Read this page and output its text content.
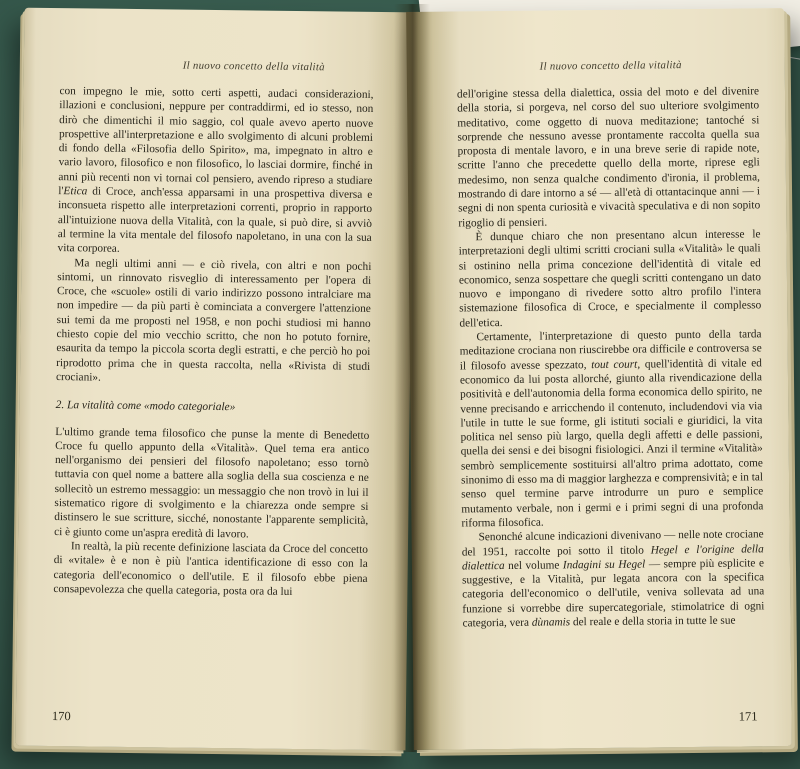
Il nuovo concetto della vitalità

con impegno le mie, sotto certi aspetti, audaci considerazioni, illazioni e conclusioni, neppure per contraddirmi, ed io stesso, non dirò che dimentichi il mio saggio, col quale avevo aperto nuove prospettive all'interpretazione e allo svolgimento di alcuni problemi di fondo della «Filosofia dello Spirito», ma, impegnato in altro e vario lavoro, filosofico e non filosofico, lo lasciai dormire, finché in anni più recenti non vi tornai col pensiero, avendo ripreso a studiare l'Etica di Croce, anch'essa apparsami in una prospettiva diversa e inconsueta rispetto alle interpretazioni correnti, proprio in rapporto all'intuizione nuova della Vitalità, con la quale, si può dire, si avviò al termine la vita mentale del filosofo napoletano, in una con la sua vita corporea.

Ma negli ultimi anni — e ciò rivela, con altri e non pochi sintomi, un rinnovato risveglio di interessamento per l'opera di Croce, che «scuole» ostili di vario indirizzo possono intralciare ma non impedire — da più parti è cominciata a convergere l'attenzione sui temi da me proposti nel 1958, e non pochi studiosi mi hanno chiesto copie del mio vecchio scritto, che non ho potuto fornire, esaurita da tempo la piccola scorta degli estratti, e che perciò ho poi riprodotto prima che in questa raccolta, nella «Rivista di studi crociani».

2. La vitalità come «modo categoriale»

L'ultimo grande tema filosofico che punse la mente di Benedetto Croce fu quello appunto della «Vitalità». Quel tema era antico nell'organismo dei pensieri del filosofo napoletano; esso tornò tuttavia con quel nome a battere alla soglia della sua coscienza e ne sollecitò un estremo messaggio: un messaggio che non trovò in lui il sistematico rigore di svolgimento e la chiarezza onde sempre si distinsero le sue scritture, sicché, nonostante l'apparente semplicità, ci è giunto come un'aspra eredità di lavoro.

In realtà, la più recente definizione lasciata da Croce del concetto di «vitale» è e non è più l'antica identificazione di esso con la categoria dell'economico o dell'utile. E il filosofo ebbe piena consapevolezza che quella categoria, posta ora da lui

170
Il nuovo concetto della vitalità

dell'origine stessa della dialettica, ossia del moto e del divenire della storia, si porgeva, nel corso del suo ulteriore svolgimento meditativo, come oggetto di nuova meditazione; tantoché si sorprende che nessuno avesse prontamente raccolta quella sua proposta di mentale lavoro, e in una breve serie di rapide note, scritte l'anno che precedette quello della morte, riprese egli medesimo, non senza qualche condimento d'ironia, il problema, mostrando di dare intorno a sé — all'età di ottantacinque anni — i segni di non spenta curiosità e vivacità speculativa e di non sopito rigoglio di pensieri.

È dunque chiaro che non presentano alcun interesse le interpretazioni degli ultimi scritti crociani sulla «Vitalità» le quali si ostinino nella prima concezione dell'identità di vitale ed economico, senza sospettare che quegli scritti contengano un dato nuovo e impongano di rivedere sotto altro profilo l'intera sistemazione filosofica di Croce, e specialmente il complesso dell'etica.

Certamente, l'interpretazione di questo punto della tarda meditazione crociana non riuscirebbe ora difficile e controversa se il filosofo avesse spezzato, tout court, quell'identità di vitale ed economico da lui posta allorché, giunto alla rivendicazione della positività e dell'autonomia della forma economica dello spirito, ne venne precisando e arricchendo il contenuto, includendovi via via l'utile in tutte le sue forme, gli istituti sociali e giuridici, la vita politica nel senso più largo, quella degli affetti e delle passioni, quella dei sensi e dei bisogni fisiologici. Anzi il termine «Vitalità» sembrò semplicemente sostituirsi all'altro prima adottato, come sinonimo di esso ma di maggior larghezza e comprensività; e in tal senso quel termine parve introdurre un puro e semplice mutamento verbale, non i germi e i primi segni di una profonda riforma filosofica.

Senonché alcune indicazioni divenivano — nelle note crociane del 1951, raccolte poi sotto il titolo Hegel e l'origine della dialettica nel volume Indagini su Hegel — sempre più esplicite e suggestive, e la Vitalità, pur legata ancora con la specifica categoria dell'economico o dell'utile, veniva sollevata ad una funzione si vorrebbe dire supercategoriale, stimolatrice di ogni categoria, vera dùnamis del reale e della storia in tutte le sue

171
